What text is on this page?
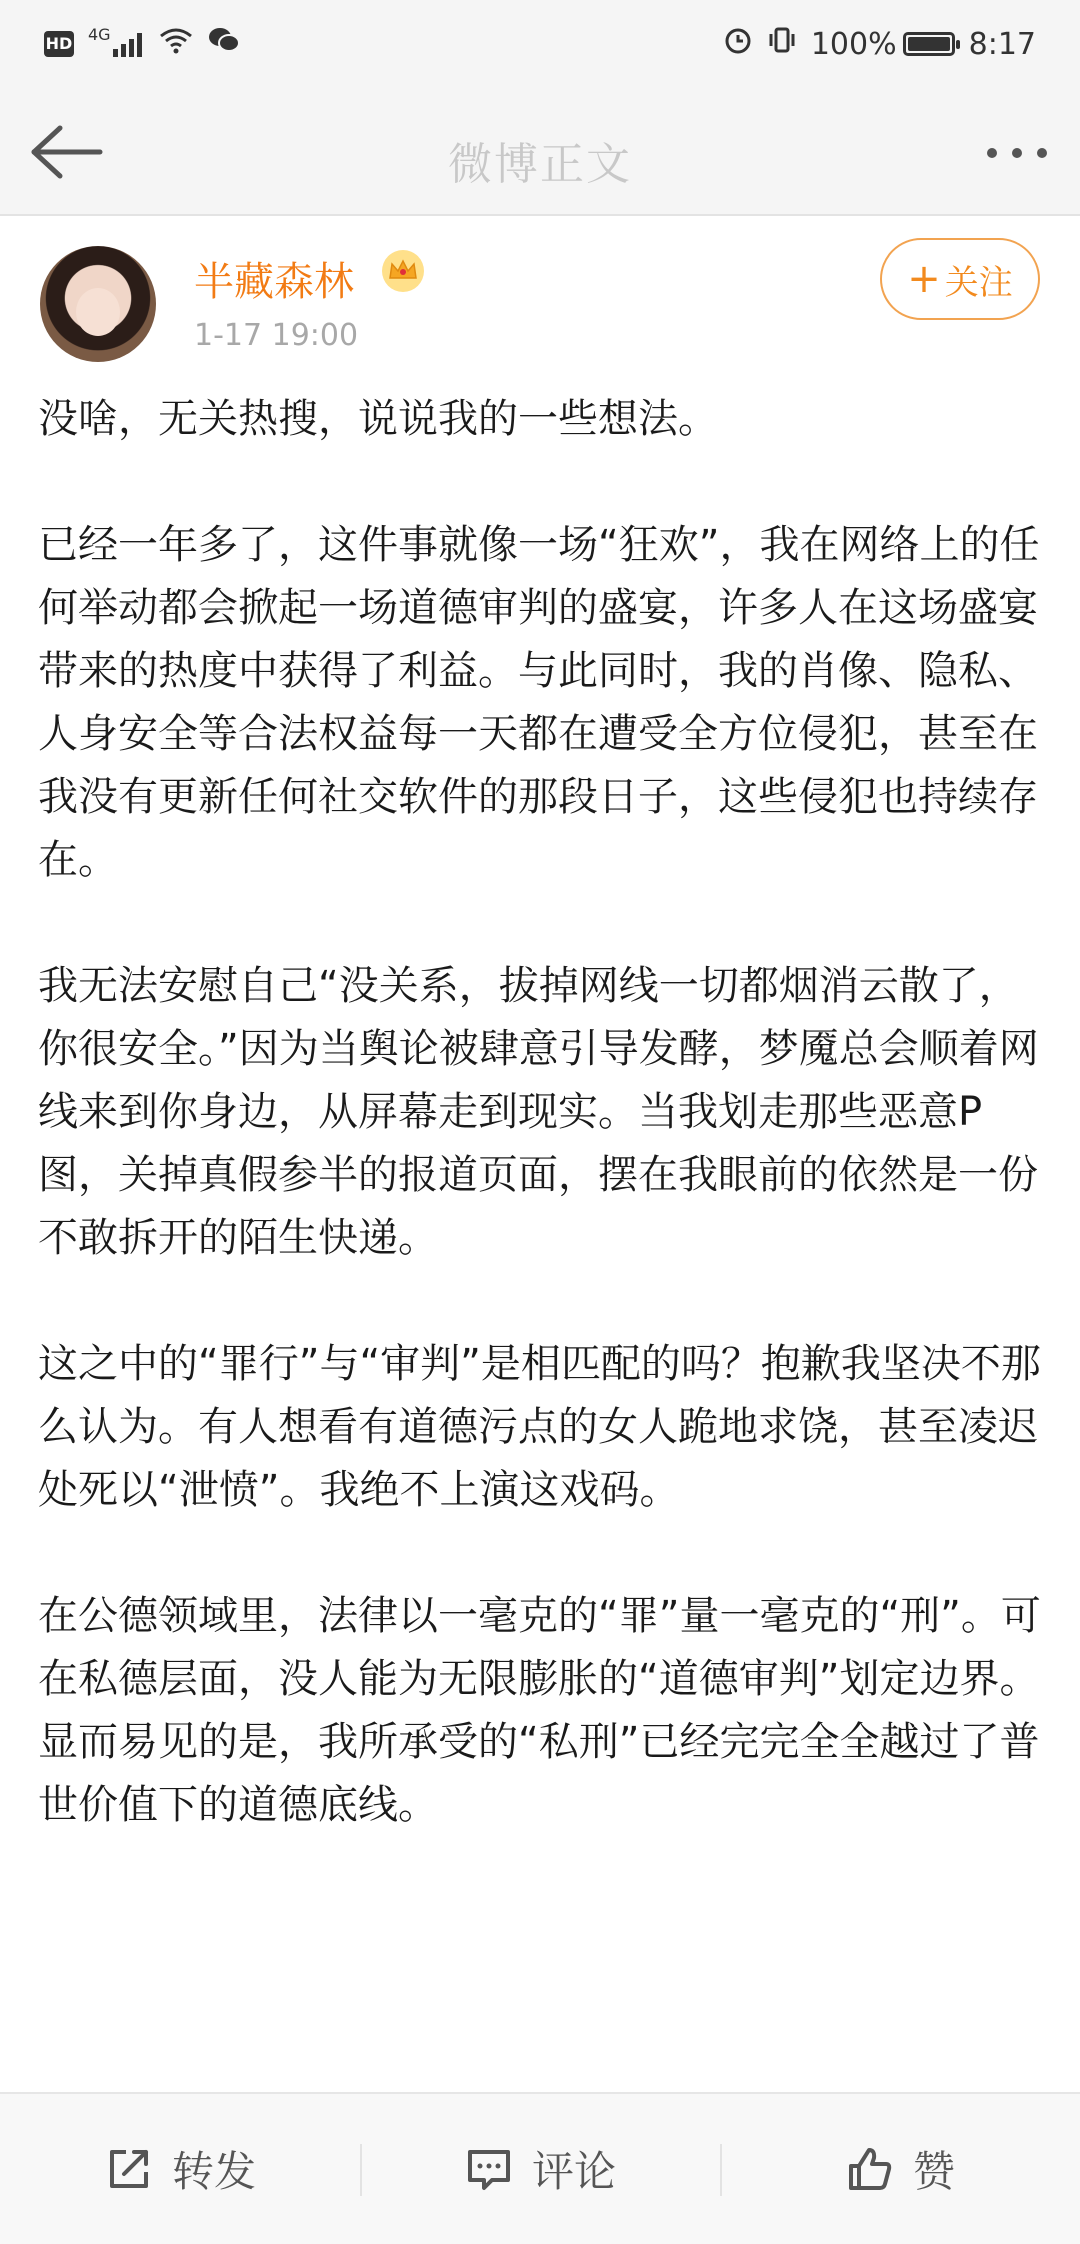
HD 4G	100% 8:17
微博正文
半藏森林
1-17 19:00
+ 关注

没啥，无关热搜，说说我的一些想法。

已经一年多了，这件事就像一场“狂欢”，我在网络上的任何举动都会掀起一场道德审判的盛宴，许多人在这场盛宴带来的热度中获得了利益。与此同时，我的肖像、隐私、人身安全等合法权益每一天都在遭受全方位侵犯，甚至在我没有更新任何社交软件的那段日子，这些侵犯也持续存在。

我无法安慰自己“没关系，拔掉网线一切都烟消云散了，你很安全。”因为当舆论被肆意引导发酵，梦魇总会顺着网线来到你身边，从屏幕走到现实。当我划走那些恶意P图，关掉真假参半的报道页面，摆在我眼前的依然是一份不敢拆开的陌生快递。

这之中的“罪行”与“审判”是相匹配的吗？抱歉我坚决不那么认为。有人想看有道德污点的女人跪地求饶，甚至凌迟处死以“泄愤”。我绝不上演这戏码。

在公德领域里，法律以一毫克的“罪”量一毫克的“刑”。可在私德层面，没人能为无限膨胀的“道德审判”划定边界。显而易见的是，我所承受的“私刑”已经完完全全越过了普世价值下的道德底线。

转发	评论	赞
